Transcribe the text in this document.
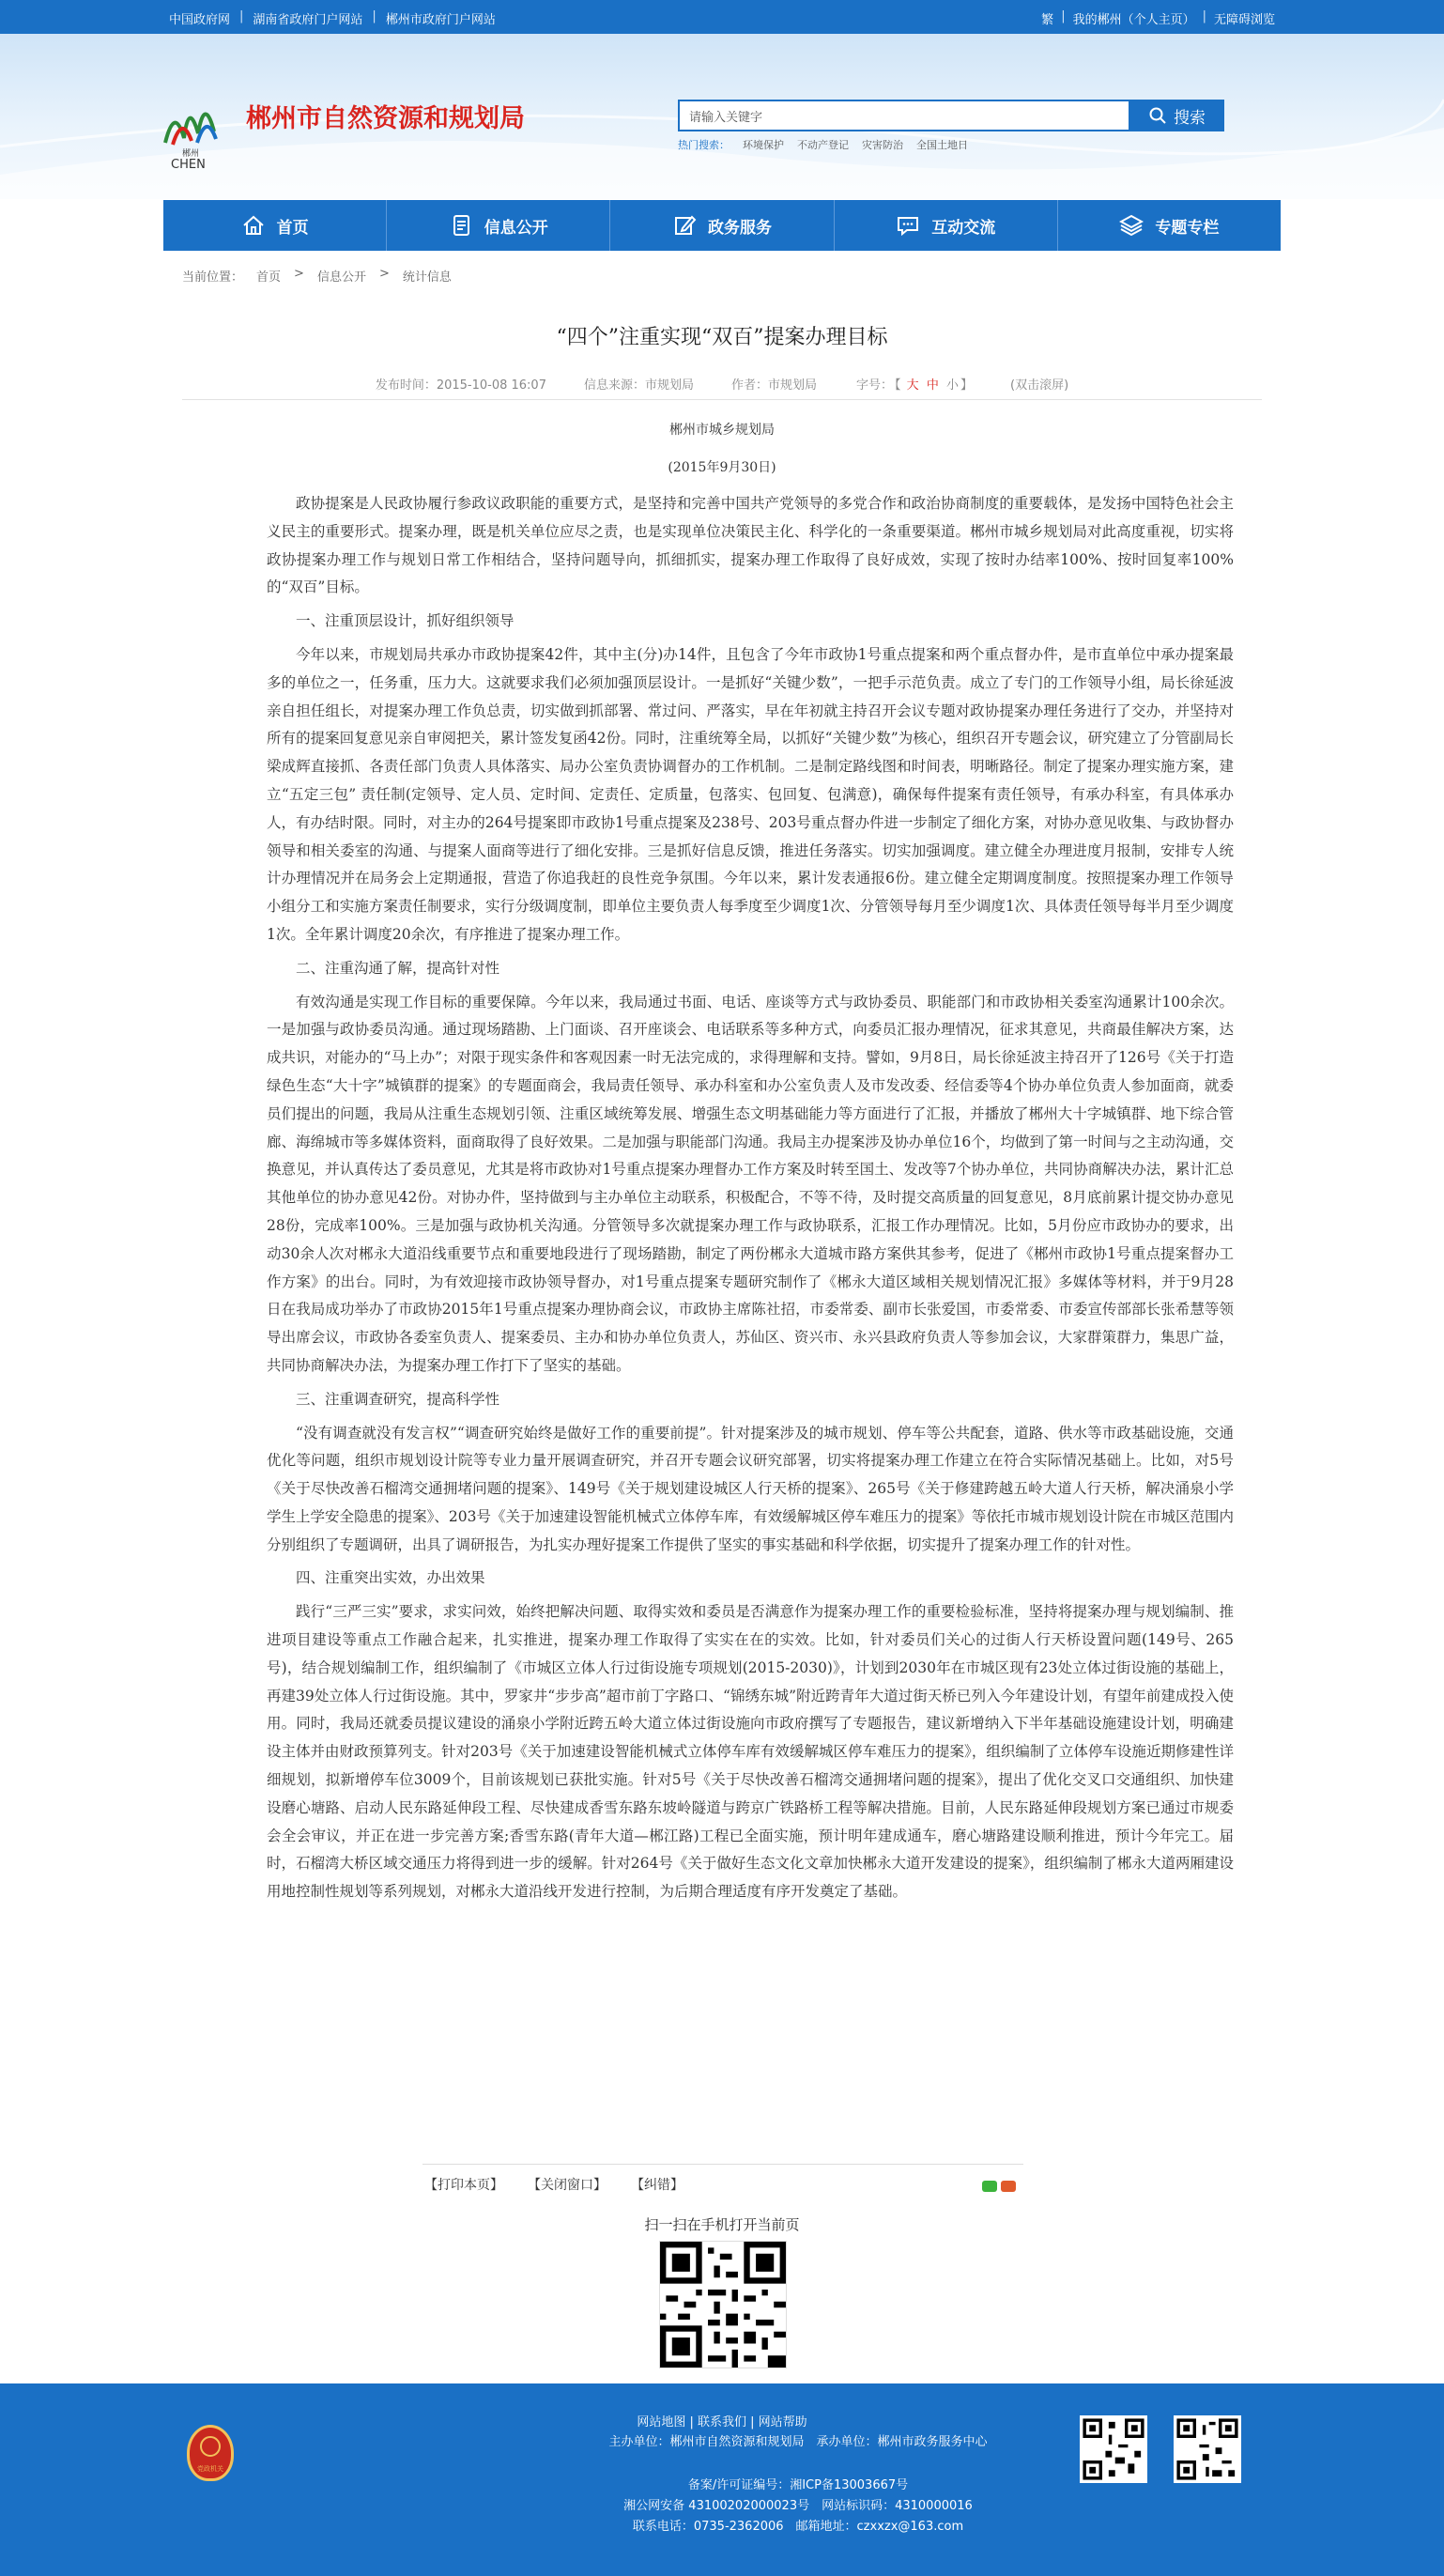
中国政府网 | 湖南省政府门户网站 | 郴州市政府门户网站	繁 | 我的郴州（个人主页） | 无障碍浏览
郴州
CHEN
郴州市自然资源和规划局
请输入关键字	搜索
热门搜索： 环境保护 不动产登记 灾害防治 全国土地日
首页	信息公开	政务服务	互动交流	专题专栏
当前位置： 首页 > 信息公开 > 统计信息
“四个”注重实现“双百”提案办理目标
发布时间：2015-10-08 16:07	信息来源：市规划局	作者：市规划局	字号： 【 大 中 小 】	(双击滚屏)
郴州市城乡规划局
(2015年9月30日)

政协提案是人民政协履行参政议政职能的重要方式，是坚持和完善中国共产党领导的多党合作和政治协商制度的重要载体，是发扬中国特色社会主义民主的重要形式。提案办理，既是机关单位应尽之责，也是实现单位决策民主化、科学化的一条重要渠道。郴州市城乡规划局对此高度重视，切实将政协提案办理工作与规划日常工作相结合，坚持问题导向，抓细抓实，提案办理工作取得了良好成效，实现了按时办结率100%、按时回复率100%的“双百”目标。

一、注重顶层设计，抓好组织领导

今年以来，市规划局共承办市政协提案42件，其中主(分)办14件，且包含了今年市政协1号重点提案和两个重点督办件，是市直单位中承办提案最多的单位之一，任务重，压力大。这就要求我们必须加强顶层设计。一是抓好“关键少数”，一把手示范负责。成立了专门的工作领导小组，局长徐延波亲自担任组长，对提案办理工作负总责，切实做到抓部署、常过问、严落实，早在年初就主持召开会议专题对政协提案办理任务进行了交办，并坚持对所有的提案回复意见亲自审阅把关，累计签发复函42份。同时，注重统筹全局，以抓好“关键少数”为核心，组织召开专题会议，研究建立了分管副局长梁成辉直接抓、各责任部门负责人具体落实、局办公室负责协调督办的工作机制。二是制定路线图和时间表，明晰路径。制定了提案办理实施方案，建立“五定三包” 责任制(定领导、定人员、定时间、定责任、定质量，包落实、包回复、包满意)，确保每件提案有责任领导，有承办科室，有具体承办人，有办结时限。同时，对主办的264号提案即市政协1号重点提案及238号、203号重点督办件进一步制定了细化方案，对协办意见收集、与政协督办领导和相关委室的沟通、与提案人面商等进行了细化安排。三是抓好信息反馈，推进任务落实。切实加强调度。建立健全办理进度月报制，安排专人统计办理情况并在局务会上定期通报，营造了你追我赶的良性竞争氛围。今年以来，累计发表通报6份。建立健全定期调度制度。按照提案办理工作领导小组分工和实施方案责任制要求，实行分级调度制，即单位主要负责人每季度至少调度1次、分管领导每月至少调度1次、具体责任领导每半月至少调度1次。全年累计调度20余次，有序推进了提案办理工作。

二、注重沟通了解，提高针对性

有效沟通是实现工作目标的重要保障。今年以来，我局通过书面、电话、座谈等方式与政协委员、职能部门和市政协相关委室沟通累计100余次。一是加强与政协委员沟通。通过现场踏勘、上门面谈、召开座谈会、电话联系等多种方式，向委员汇报办理情况，征求其意见，共商最佳解决方案，达成共识，对能办的“马上办”；对限于现实条件和客观因素一时无法完成的，求得理解和支持。譬如，9月8日，局长徐延波主持召开了126号《关于打造绿色生态“大十字”城镇群的提案》的专题面商会，我局责任领导、承办科室和办公室负责人及市发改委、经信委等4个协办单位负责人参加面商，就委员们提出的问题，我局从注重生态规划引领、注重区域统筹发展、增强生态文明基础能力等方面进行了汇报，并播放了郴州大十字城镇群、地下综合管廊、海绵城市等多媒体资料，面商取得了良好效果。二是加强与职能部门沟通。我局主办提案涉及协办单位16个，均做到了第一时间与之主动沟通，交换意见，并认真传达了委员意见，尤其是将市政协对1号重点提案办理督办工作方案及时转至国土、发改等7个协办单位，共同协商解决办法，累计汇总其他单位的协办意见42份。对协办件，坚持做到与主办单位主动联系，积极配合，不等不待，及时提交高质量的回复意见，8月底前累计提交协办意见28份，完成率100%。三是加强与政协机关沟通。分管领导多次就提案办理工作与政协联系，汇报工作办理情况。比如，5月份应市政协办的要求，出动30余人次对郴永大道沿线重要节点和重要地段进行了现场踏勘，制定了两份郴永大道城市路方案供其参考，促进了《郴州市政协1号重点提案督办工作方案》的出台。同时，为有效迎接市政协领导督办，对1号重点提案专题研究制作了《郴永大道区域相关规划情况汇报》多媒体等材料，并于9月28日在我局成功举办了市政协2015年1号重点提案办理协商会议，市政协主席陈社招，市委常委、副市长张爱国，市委常委、市委宣传部部长张希慧等领导出席会议，市政协各委室负责人、提案委员、主办和协办单位负责人，苏仙区、资兴市、永兴县政府负责人等参加会议，大家群策群力，集思广益，共同协商解决办法，为提案办理工作打下了坚实的基础。

三、注重调查研究，提高科学性

“没有调查就没有发言权”“调查研究始终是做好工作的重要前提”。针对提案涉及的城市规划、停车等公共配套，道路、供水等市政基础设施，交通优化等问题，组织市规划设计院等专业力量开展调查研究，并召开专题会议研究部署，切实将提案办理工作建立在符合实际情况基础上。比如，对5号《关于尽快改善石榴湾交通拥堵问题的提案》、149号《关于规划建设城区人行天桥的提案》、265号《关于修建跨越五岭大道人行天桥，解决涌泉小学学生上学安全隐患的提案》、203号《关于加速建设智能机械式立体停车库，有效缓解城区停车难压力的提案》等依托市城市规划设计院在市城区范围内分别组织了专题调研，出具了调研报告，为扎实办理好提案工作提供了坚实的事实基础和科学依据，切实提升了提案办理工作的针对性。

四、注重突出实效，办出效果

践行“三严三实”要求，求实问效，始终把解决问题、取得实效和委员是否满意作为提案办理工作的重要检验标准，坚持将提案办理与规划编制、推进项目建设等重点工作融合起来，扎实推进，提案办理工作取得了实实在在的实效。比如，针对委员们关心的过街人行天桥设置问题(149号、265号)，结合规划编制工作，组织编制了《市城区立体人行过街设施专项规划(2015-2030)》，计划到2030年在市城区现有23处立体过街设施的基础上，再建39处立体人行过街设施。其中，罗家井“步步高”超市前丁字路口、“锦绣东城”附近跨青年大道过街天桥已列入今年建设计划，有望年前建成投入使用。同时，我局还就委员提议建设的涌泉小学附近跨五岭大道立体过街设施向市政府撰写了专题报告，建议新增纳入下半年基础设施建设计划，明确建设主体并由财政预算列支。针对203号《关于加速建设智能机械式立体停车库有效缓解城区停车难压力的提案》，组织编制了立体停车设施近期修建性详细规划，拟新增停车位3009个，目前该规划已获批实施。针对5号《关于尽快改善石榴湾交通拥堵问题的提案》，提出了优化交叉口交通组织、加快建设磨心塘路、启动人民东路延伸段工程、尽快建成香雪东路东坡岭隧道与跨京广铁路桥工程等解决措施。目前，人民东路延伸段规划方案已通过市规委会全会审议，并正在进一步完善方案;香雪东路(青年大道—郴江路)工程已全面实施，预计明年建成通车，磨心塘路建设顺利推进，预计今年完工。届时，石榴湾大桥区域交通压力将得到进一步的缓解。针对264号《关于做好生态文化文章加快郴永大道开发建设的提案》，组织编制了郴永大道两厢建设用地控制性规划等系列规划，对郴永大道沿线开发进行控制，为后期合理适度有序开发奠定了基础。

【打印本页】 【关闭窗口】 【纠错】
扫一扫在手机打开当前页
党政机关
网站地图 | 联系我们 | 网站帮助
主办单位：郴州市自然资源和规划局　承办单位：郴州市政务服务中心
备案/许可证编号：湘ICP备13003667号
湘公网安备 43100202000023号　网站标识码：4310000016
联系电话：0735-2362006　邮箱地址：czxxzx@163.com
